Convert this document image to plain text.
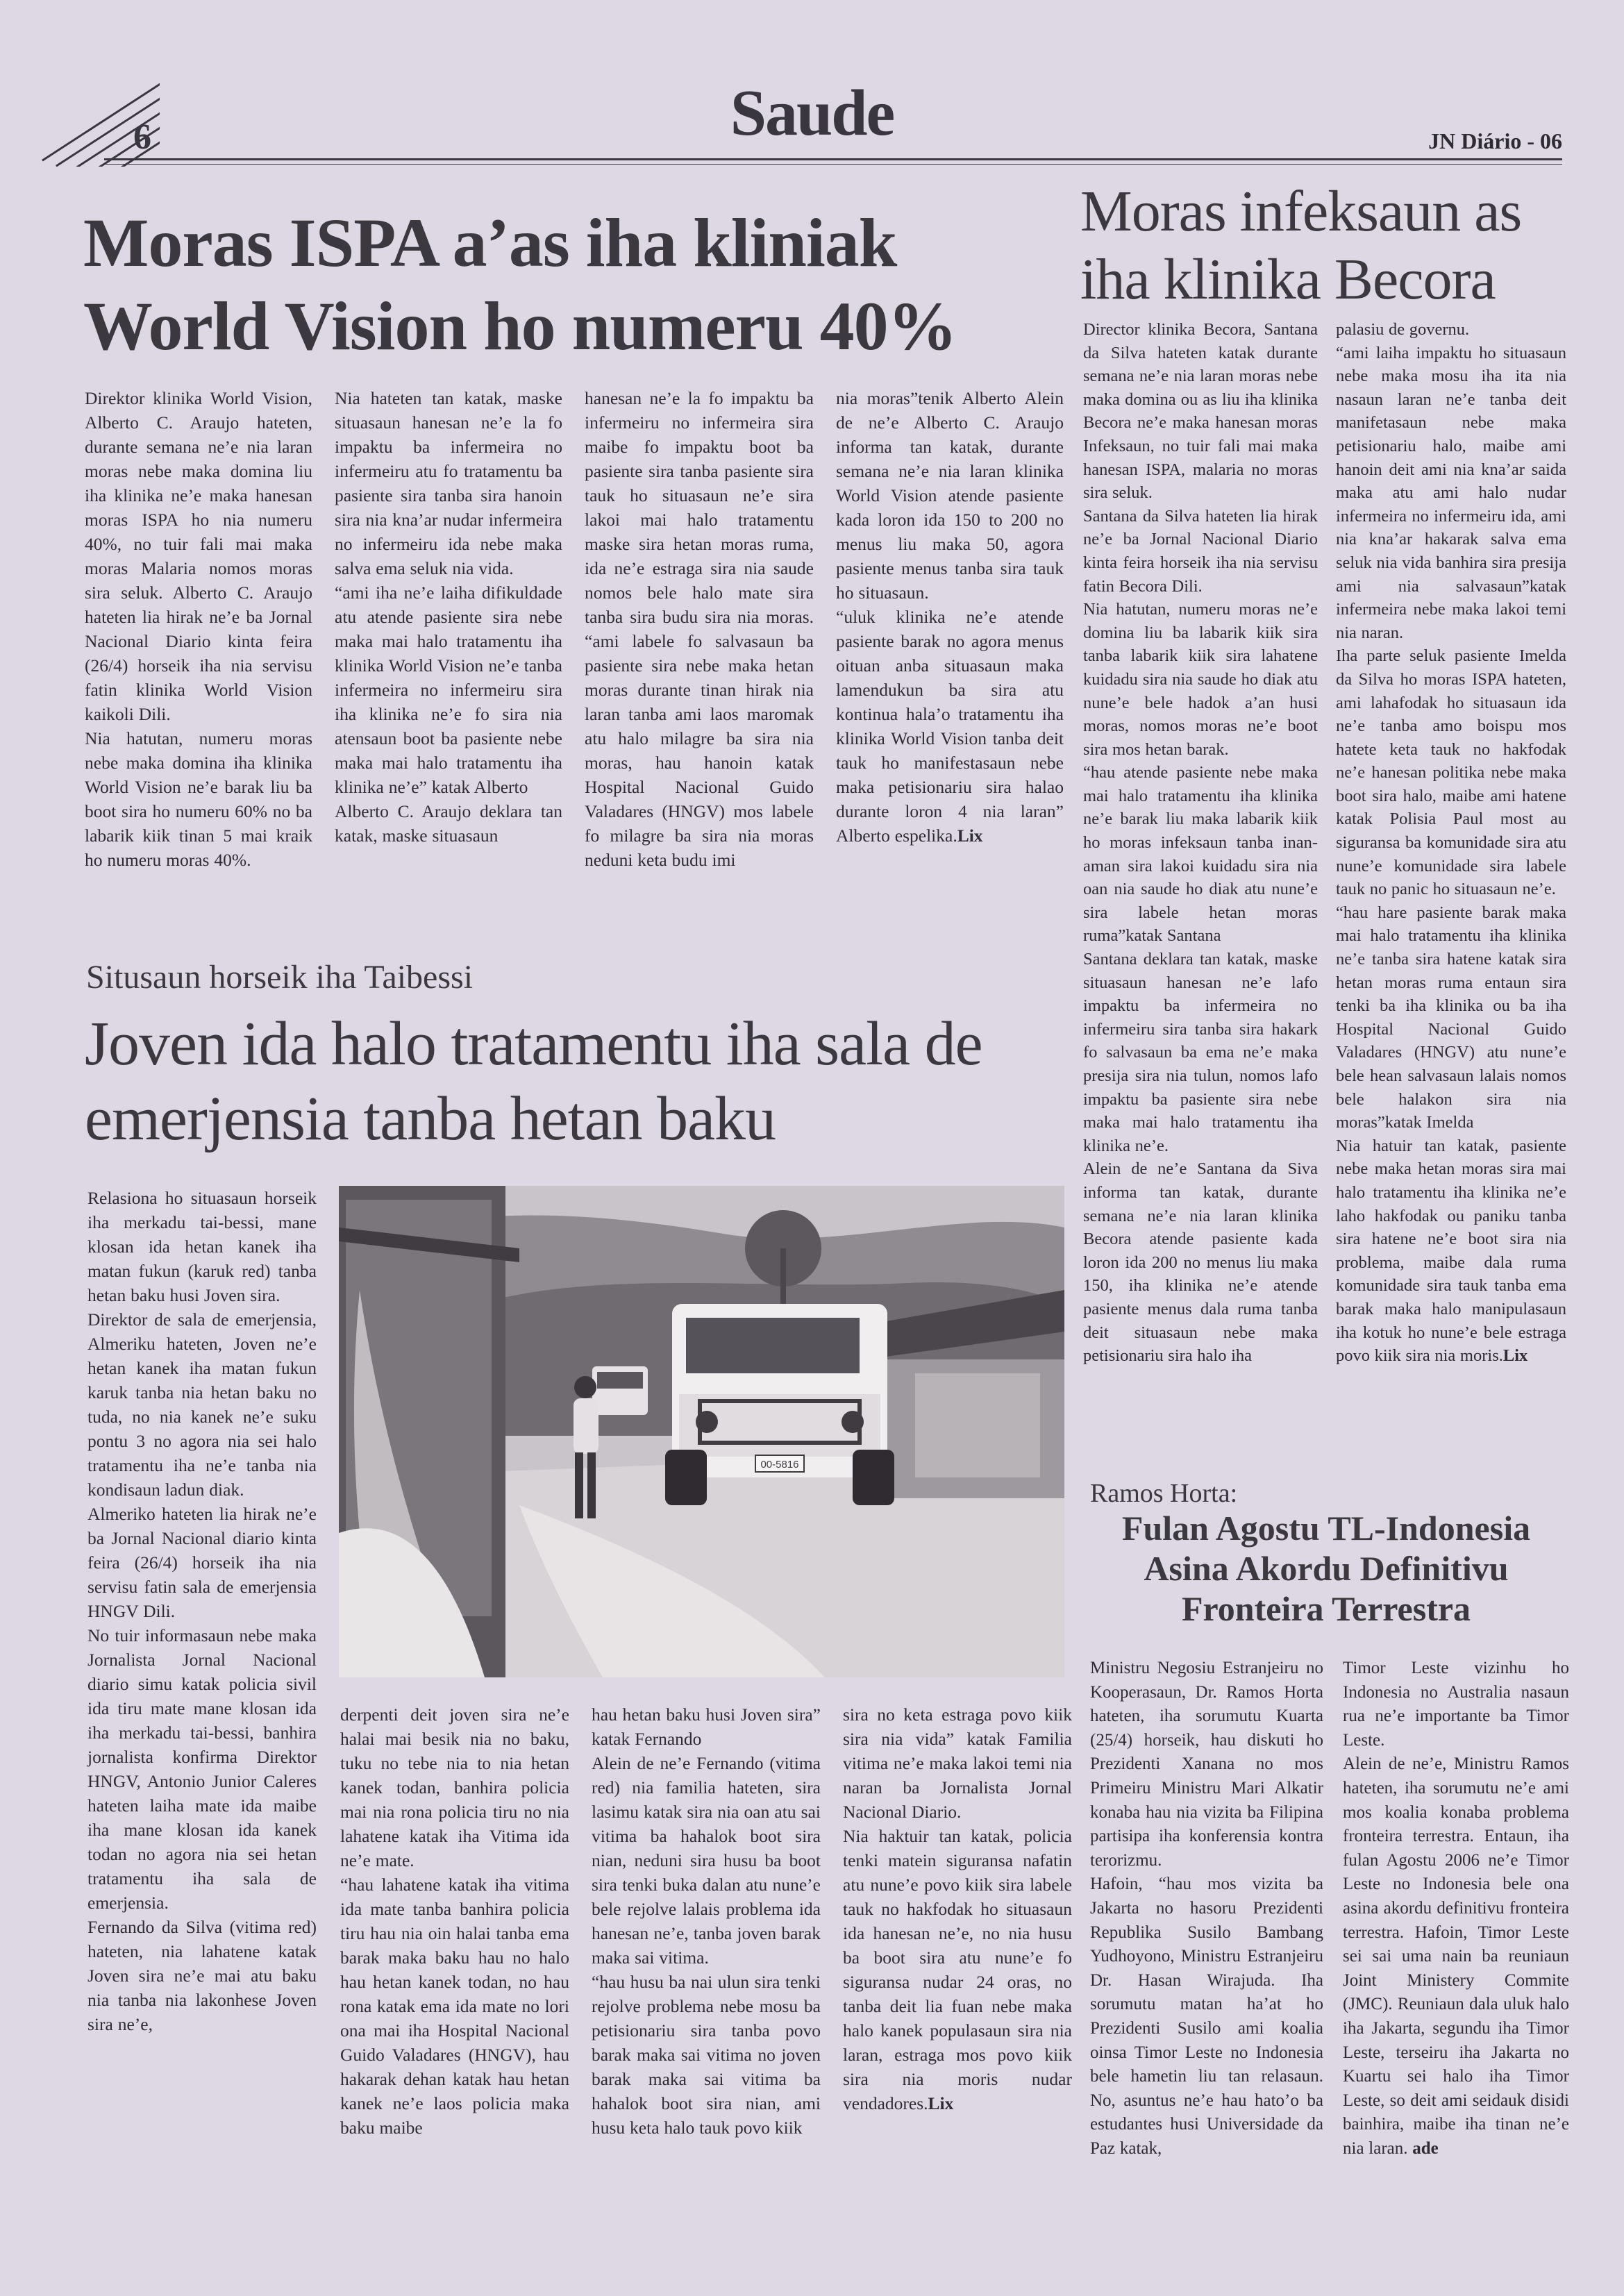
6	Saude	JN Diário - 06
Moras ISPA a’as iha kliniak World Vision ho numeru 40%

Direktor klinika World Vision, Alberto C. Araujo hateten, durante semana ne’e nia laran moras nebe maka domina liu iha klinika ne’e maka hanesan moras ISPA ho nia numeru 40%, no tuir fali mai maka moras Malaria nomos moras sira seluk. Alberto C. Araujo hateten lia hirak ne’e ba Jornal Nacional Diario kinta feira (26/4) horseik iha nia servisu fatin klinika World Vision kaikoli Dili.
Nia hatutan, numeru moras nebe maka domina iha klinika World Vision ne’e barak liu ba boot sira ho numeru 60% no ba labarik kiik tinan 5 mai kraik ho numeru moras 40%.

Nia hateten tan katak, maske situasaun hanesan ne’e la fo impaktu ba infermeira no infermeiru atu fo tratamentu ba pasiente sira tanba sira hanoin sira nia kna’ar nudar infermeira no infermeiru ida nebe maka salva ema seluk nia vida.
“ami iha ne’e laiha difikuldade atu atende pasiente sira nebe maka mai halo tratamentu iha klinika World Vision ne’e tanba infermeira no infermeiru sira iha klinika ne’e fo sira nia atensaun boot ba pasiente nebe maka mai halo tratamentu iha klinika ne’e” katak Alberto
Alberto C. Araujo deklara tan katak, maske situasaun

hanesan ne’e la fo impaktu ba infermeiru no infermeira sira maibe fo impaktu boot ba pasiente sira tanba pasiente sira tauk ho situasaun ne’e sira lakoi mai halo tratamentu maske sira hetan moras ruma, ida ne’e estraga sira nia saude nomos bele halo mate sira tanba sira budu sira nia moras. “ami labele fo salvasaun ba pasiente sira nebe maka hetan moras durante tinan hirak nia laran tanba ami laos maromak atu halo milagre ba sira nia moras, hau hanoin katak Hospital Nacional Guido Valadares (HNGV) mos labele fo milagre ba sira nia moras neduni keta budu imi

nia moras”tenik Alberto Alein de ne’e Alberto C. Araujo informa tan katak, durante semana ne’e nia laran klinika World Vision atende pasiente kada loron ida 150 to 200 no menus liu maka 50, agora pasiente menus tanba sira tauk ho situasaun.
“uluk klinika ne’e atende pasiente barak no agora menus oituan anba situasaun maka lamendukun ba sira atu kontinua hala’o tratamentu iha klinika World Vision tanba deit tauk ho manifestasaun nebe maka petisionariu sira halao durante loron 4 nia laran” Alberto espelika.Lix

Moras infeksaun as iha klinika Becora

Director klinika Becora, Santana da Silva hateten katak durante semana ne’e nia laran moras nebe maka domina ou as liu iha klinika Becora ne’e maka hanesan moras Infeksaun, no tuir fali mai maka hanesan ISPA, malaria no moras sira seluk.
Santana da Silva hateten lia hirak ne’e ba Jornal Nacional Diario kinta feira horseik iha nia servisu fatin Becora Dili.
Nia hatutan, numeru moras ne’e domina liu ba labarik kiik sira tanba labarik kiik sira lahatene kuidadu sira nia saude ho diak atu nune’e bele hadok a’an husi moras, nomos moras ne’e boot sira mos hetan barak.
“hau atende pasiente nebe maka mai halo tratamentu iha klinika ne’e barak liu maka labarik kiik ho moras infeksaun tanba inan-aman sira lakoi kuidadu sira nia oan nia saude ho diak atu nune’e sira labele hetan moras ruma”katak Santana
Santana deklara tan katak, maske situasaun hanesan ne’e lafo impaktu ba infermeira no infermeiru sira tanba sira hakark fo salvasaun ba ema ne’e maka presija sira nia tulun, nomos lafo impaktu ba pasiente sira nebe maka mai halo tratamentu iha klinika ne’e.
Alein de ne’e Santana da Siva informa tan katak, durante semana ne’e nia laran klinika Becora atende pasiente kada loron ida 200 no menus liu maka 150, iha klinika ne’e atende pasiente menus dala ruma tanba deit situasaun nebe maka petisionariu sira halo iha

palasiu de governu.
“ami laiha impaktu ho situasaun nebe maka mosu iha ita nia nasaun laran ne’e tanba deit manifetasaun nebe maka petisionariu halo, maibe ami hanoin deit ami nia kna’ar saida maka atu ami halo nudar infermeira no infermeiru ida, ami nia kna’ar hakarak salva ema seluk nia vida banhira sira presija ami nia salvasaun”katak infermeira nebe maka lakoi temi nia naran.
Iha parte seluk pasiente Imelda da Silva ho moras ISPA hateten, ami lahafodak ho situasaun ida ne’e tanba amo boispu mos hatete keta tauk no hakfodak ne’e hanesan politika nebe maka boot sira halo, maibe ami hatene katak Polisia Paul most au siguransa ba komunidade sira atu nune’e komunidade sira labele tauk no panic ho situasaun ne’e.
“hau hare pasiente barak maka mai halo tratamentu iha klinika ne’e tanba sira hatene katak sira hetan moras ruma entaun sira tenki ba iha klinika ou ba iha Hospital Nacional Guido Valadares (HNGV) atu nune’e bele hean salvasaun lalais nomos bele halakon sira nia moras”katak Imelda
Nia hatuir tan katak, pasiente nebe maka hetan moras sira mai halo tratamentu iha klinika ne’e laho hakfodak ou paniku tanba sira hatene ne’e boot sira nia problema, maibe dala ruma komunidade sira tauk tanba ema barak maka halo manipulasaun iha kotuk ho nune’e bele estraga povo kiik sira nia moris.Lix

Situsaun horseik iha Taibessi
Joven ida halo tratamentu iha sala de emerjensia tanba hetan baku

Relasiona ho situasaun horseik iha merkadu tai-bessi, mane klosan ida hetan kanek iha matan fukun (karuk red) tanba hetan baku husi Joven sira.
Direktor de sala de emerjensia, Almeriku hateten, Joven ne’e hetan kanek iha matan fukun karuk tanba nia hetan baku no tuda, no nia kanek ne’e suku pontu 3 no agora nia sei halo tratamentu iha ne’e tanba nia kondisaun ladun diak.
Almeriko hateten lia hirak ne’e ba Jornal Nacional diario kinta feira (26/4) horseik iha nia servisu fatin sala de emerjensia HNGV Dili.
No tuir informasaun nebe maka Jornalista Jornal Nacional diario simu katak policia sivil ida tiru mate mane klosan ida iha merkadu tai-bessi, banhira jornalista konfirma Direktor HNGV, Antonio Junior Caleres hateten laiha mate ida maibe iha mane klosan ida kanek todan no agora nia sei hetan tratamentu iha sala de emerjensia.
Fernando da Silva (vitima red) hateten, nia lahatene katak Joven sira ne’e mai atu baku nia tanba nia lakonhese Joven sira ne’e,

00-5816

derpenti deit joven sira ne’e halai mai besik nia no baku, tuku no tebe nia to nia hetan kanek todan, banhira policia mai nia rona policia tiru no nia lahatene katak iha Vitima ida ne’e mate.
“hau lahatene katak iha vitima ida mate tanba banhira policia tiru hau nia oin halai tanba ema barak maka baku hau no halo hau hetan kanek todan, no hau rona katak ema ida mate no lori ona mai iha Hospital Nacional Guido Valadares (HNGV), hau hakarak dehan katak hau hetan kanek ne’e laos policia maka baku maibe

hau hetan baku husi Joven sira” katak Fernando
Alein de ne’e Fernando (vitima red) nia familia hateten, sira lasimu katak sira nia oan atu sai vitima ba hahalok boot sira nian, neduni sira husu ba boot sira tenki buka dalan atu nune’e bele rejolve lalais problema ida hanesan ne’e, tanba joven barak maka sai vitima.
“hau husu ba nai ulun sira tenki rejolve problema nebe mosu ba petisionariu sira tanba povo barak maka sai vitima no joven barak maka sai vitima ba hahalok boot sira nian, ami husu keta halo tauk povo kiik

sira no keta estraga povo kiik sira nia vida” katak Familia vitima ne’e maka lakoi temi nia naran ba Jornalista Jornal Nacional Diario.
Nia haktuir tan katak, policia tenki matein siguransa nafatin atu nune’e povo kiik sira labele tauk no hakfodak ho situasaun ida hanesan ne’e, no nia husu ba boot sira atu nune’e fo siguransa nudar 24 oras, no tanba deit lia fuan nebe maka halo kanek populasaun sira nia laran, estraga mos povo kiik sira nia moris nudar vendadores.Lix

Ramos Horta:
Fulan Agostu TL-Indonesia Asina Akordu Definitivu Fronteira Terrestra

Ministru Negosiu Estranjeiru no Kooperasaun, Dr. Ramos Horta hateten, iha sorumutu Kuarta (25/4) horseik, hau diskuti ho Prezidenti Xanana no mos Primeiru Ministru Mari Alkatir konaba hau nia vizita ba Filipina partisipa iha konferensia kontra terorizmu.
Hafoin, “hau mos vizita ba Jakarta no hasoru Prezidenti Republika Susilo Bambang Yudhoyono, Ministru Estranjeiru Dr. Hasan Wirajuda. Iha sorumutu matan ha’at ho Prezidenti Susilo ami koalia oinsa Timor Leste no Indonesia bele hametin liu tan relasaun. No, asuntus ne’e hau hato’o ba estudantes husi Universidade da Paz katak,

Timor Leste vizinhu ho Indonesia no Australia nasaun rua ne’e importante ba Timor Leste.
Alein de ne’e, Ministru Ramos hateten, iha sorumutu ne’e ami mos koalia konaba problema fronteira terrestra. Entaun, iha fulan Agostu 2006 ne’e Timor Leste no Indonesia bele ona asina akordu definitivu fronteira terrestra. Hafoin, Timor Leste sei sai uma nain ba reuniaun Joint Ministery Commite (JMC). Reuniaun dala uluk halo iha Jakarta, segundu iha Timor Leste, terseiru iha Jakarta no Kuartu sei halo iha Timor Leste, so deit ami seidauk disidi bainhira, maibe iha tinan ne’e nia laran. ade
